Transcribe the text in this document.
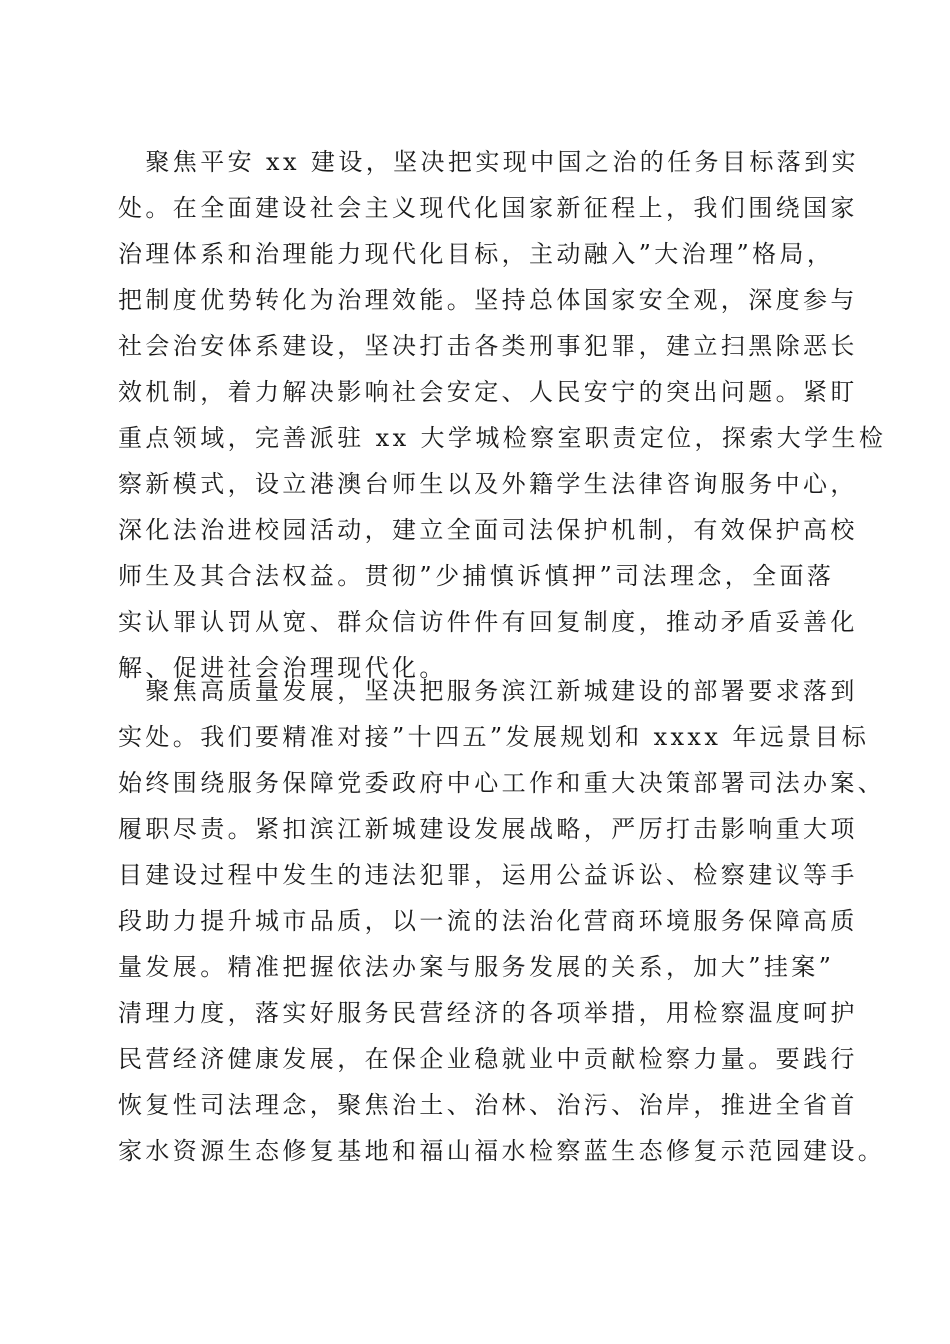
　聚焦平安 xx 建设，坚决把实现中国之治的任务目标落到实
处。在全面建设社会主义现代化国家新征程上，我们围绕国家
治理体系和治理能力现代化目标，主动融入”大治理”格局，
把制度优势转化为治理效能。坚持总体国家安全观，深度参与
社会治安体系建设，坚决打击各类刑事犯罪，建立扫黑除恶长
效机制，着力解决影响社会安定、人民安宁的突出问题。紧盯
重点领域，完善派驻 xx 大学城检察室职责定位，探索大学生检
察新模式，设立港澳台师生以及外籍学生法律咨询服务中心，
深化法治进校园活动，建立全面司法保护机制，有效保护高校
师生及其合法权益。贯彻”少捕慎诉慎押”司法理念，全面落
实认罪认罚从宽、群众信访件件有回复制度，推动矛盾妥善化
解、促进社会治理现代化。
　聚焦高质量发展，坚决把服务滨江新城建设的部署要求落到
实处。我们要精准对接”十四五”发展规划和 xxxx 年远景目标
始终围绕服务保障党委政府中心工作和重大决策部署司法办案、
履职尽责。紧扣滨江新城建设发展战略，严厉打击影响重大项
目建设过程中发生的违法犯罪，运用公益诉讼、检察建议等手
段助力提升城市品质，以一流的法治化营商环境服务保障高质
量发展。精准把握依法办案与服务发展的关系，加大”挂案”
清理力度，落实好服务民营经济的各项举措，用检察温度呵护
民营经济健康发展，在保企业稳就业中贡献检察力量。要践行
恢复性司法理念，聚焦治土、治林、治污、治岸，推进全省首
家水资源生态修复基地和福山福水检察蓝生态修复示范园建设。
